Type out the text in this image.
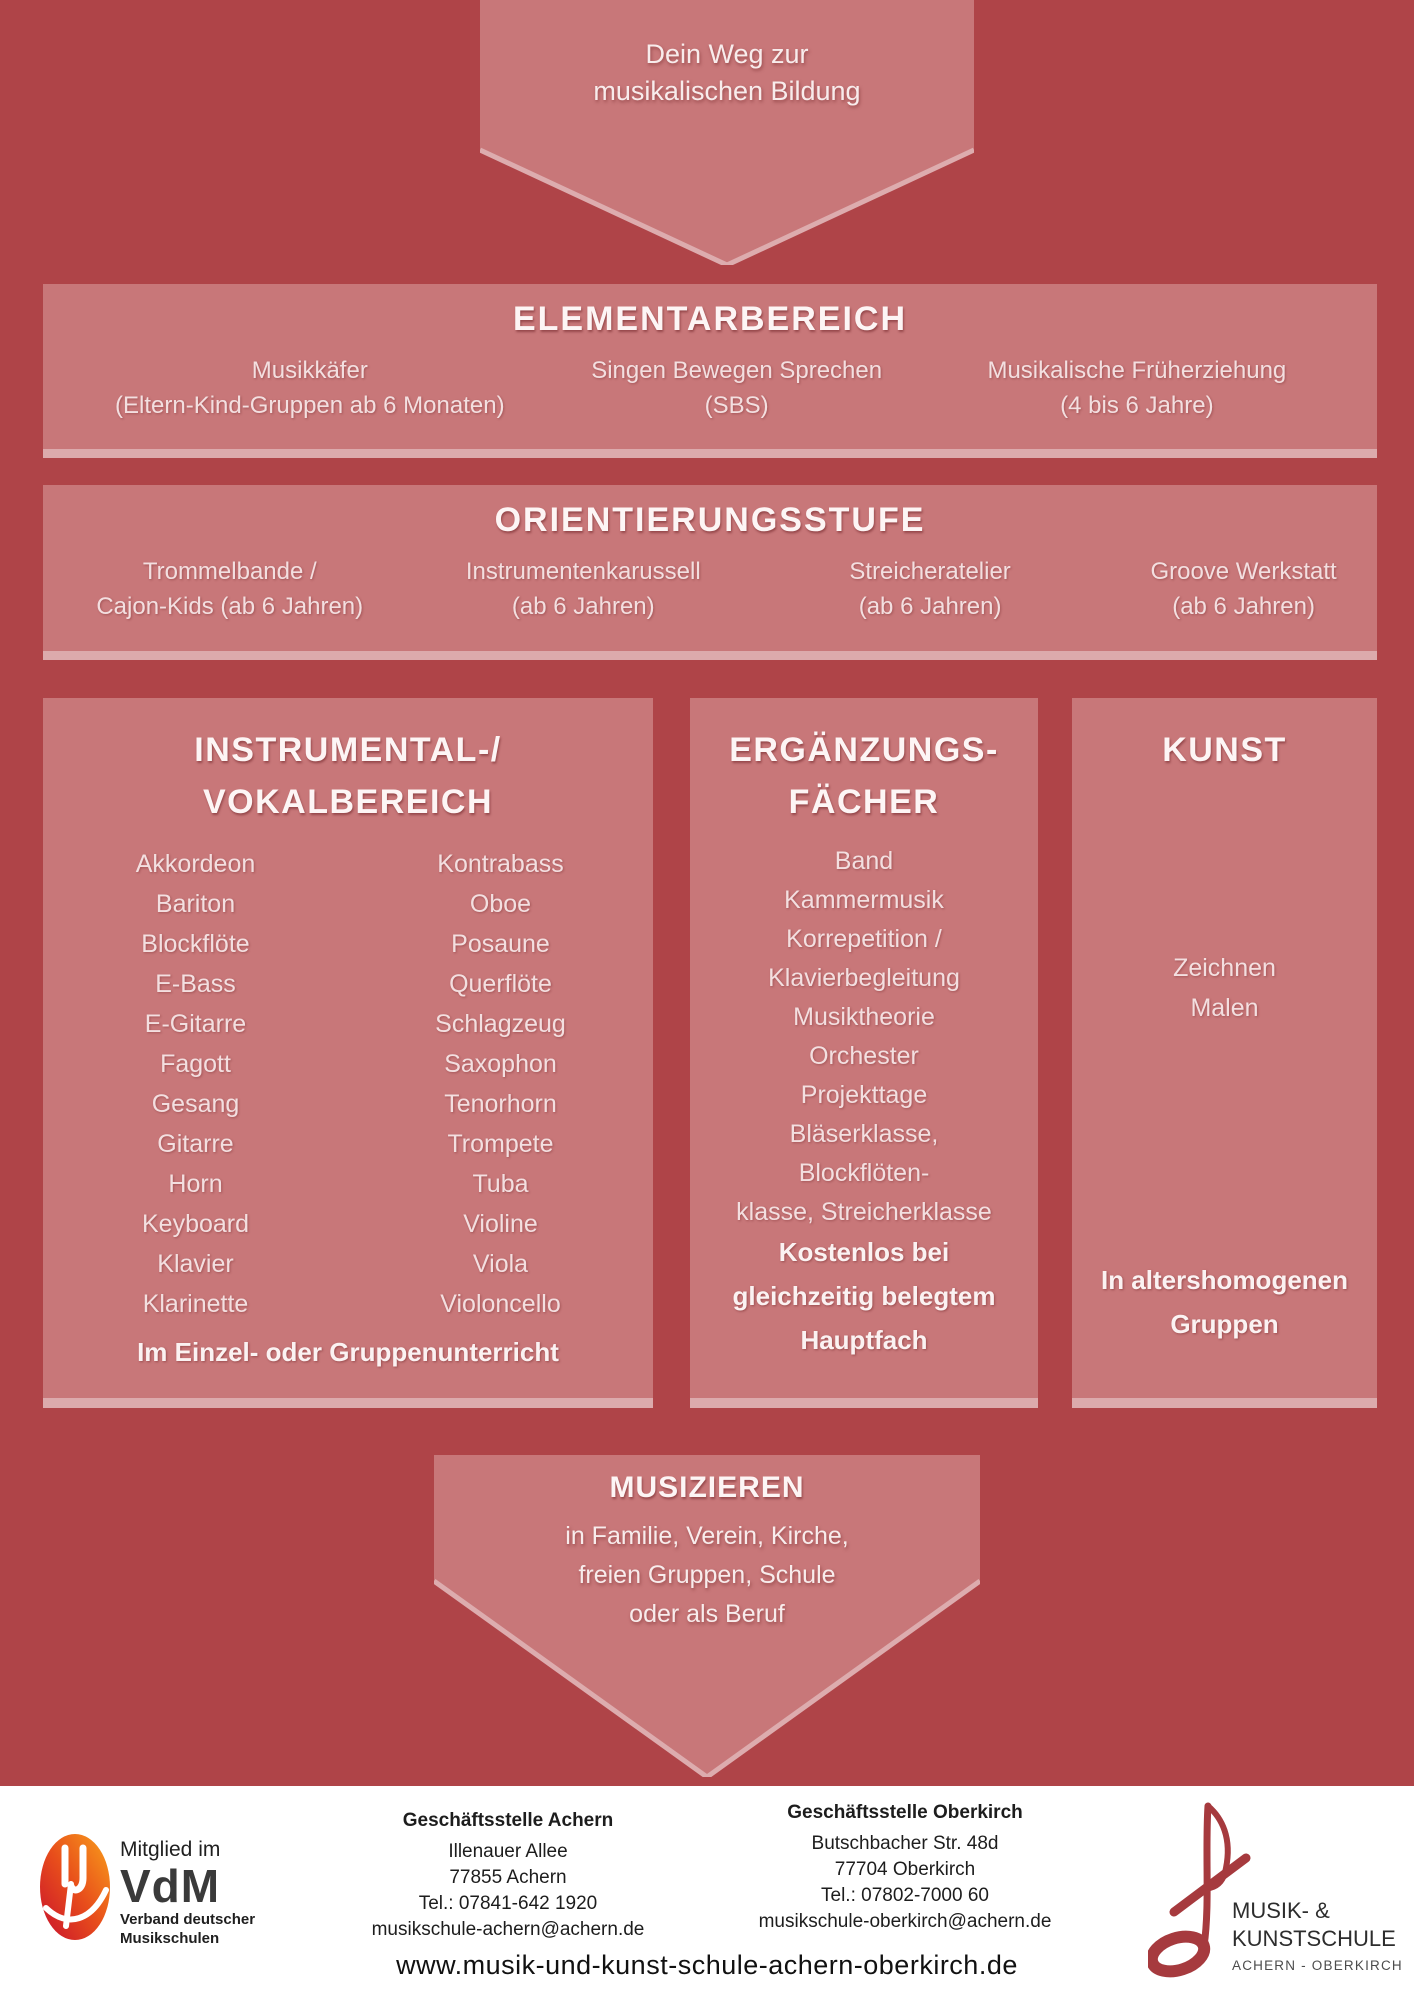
Dein Weg zur
musikalischen Bildung
ELEMENTARBEREICH
Musikkäfer
(Eltern-Kind-Gruppen ab 6 Monaten)
Singen Bewegen Sprechen
(SBS)
Musikalische Früherziehung
(4 bis 6 Jahre)
ORIENTIERUNGSSTUFE
Trommelbande /
Cajon-Kids (ab 6 Jahren)
Instrumentenkarussell
(ab 6 Jahren)
Streicheratelier
(ab 6 Jahren)
Groove Werkstatt
(ab 6 Jahren)
INSTRUMENTAL-/
VOKALBEREICH
Akkordeon
Bariton
Blockflöte
E-Bass
E-Gitarre
Fagott
Gesang
Gitarre
Horn
Keyboard
Klavier
Klarinette
Kontrabass
Oboe
Posaune
Querflöte
Schlagzeug
Saxophon
Tenorhorn
Trompete
Tuba
Violine
Viola
Violoncello
Im Einzel- oder Gruppenunterricht
ERGÄNZUNGS-
FÄCHER
Band
Kammermusik
Korrepetition /
Klavierbegleitung
Musiktheorie
Orchester
Projekttage
Bläserklasse,
Blockflöten-
klasse, Streicherklasse
Kostenlos bei
gleichzeitig belegtem
Hauptfach
KUNST
Zeichnen
Malen
In altershomogenen
Gruppen
MUSIZIEREN
in Familie, Verein, Kirche,
freien Gruppen, Schule
oder als Beruf
Mitglied im
VdM
Verband deutscher
Musikschulen
Geschäftsstelle Achern
Illenauer Allee
77855 Achern
Tel.: 07841-642 1920
musikschule-achern@achern.de
Geschäftsstelle Oberkirch
Butschbacher Str. 48d
77704 Oberkirch
Tel.: 07802-7000 60
musikschule-oberkirch@achern.de
www.musik-und-kunst-schule-achern-oberkirch.de
MUSIK- &
KUNSTSCHULE
ACHERN - OBERKIRCH
